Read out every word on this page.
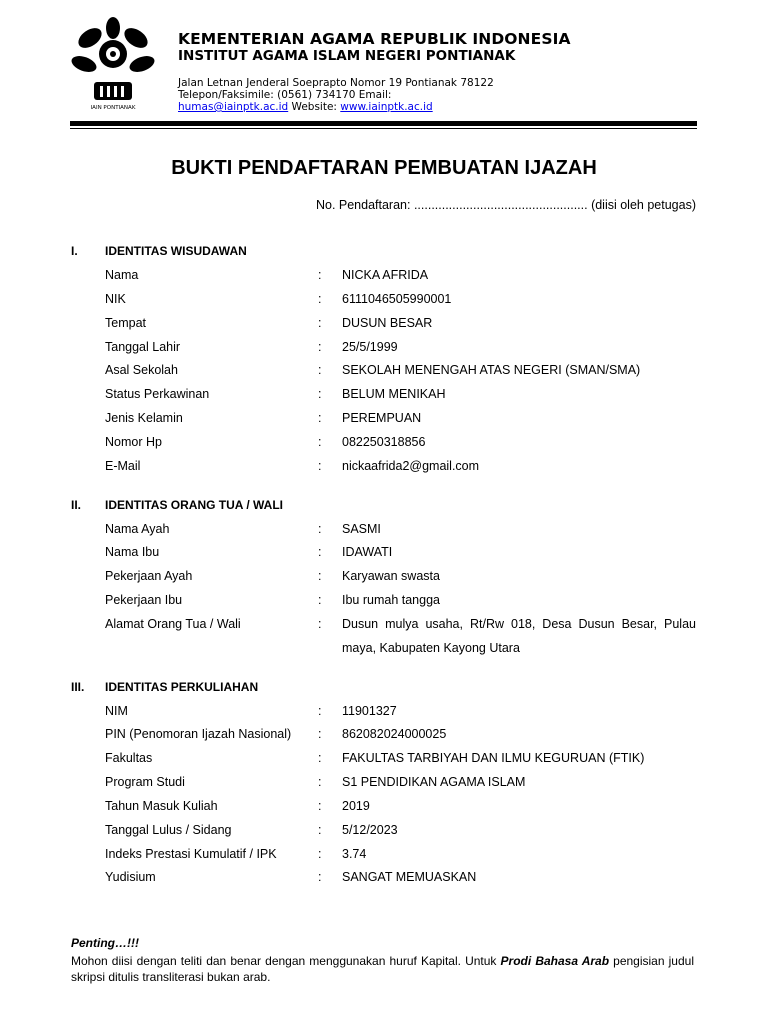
IAIN PONTIANAK
KEMENTERIAN AGAMA REPUBLIK INDONESIA
INSTITUT AGAMA ISLAM NEGERI PONTIANAK
Jalan Letnan Jenderal Soeprapto Nomor 19 Pontianak 78122
Telepon/Faksimile: (0561) 734170 Email:
humas@iainptk.ac.id Website: www.iainptk.ac.id
BUKTI PENDAFTARAN PEMBUATAN IJAZAH
No. Pendaftaran: .................................................. (diisi oleh petugas)
I. IDENTITAS WISUDAWAN
Nama	: NICKA AFRIDA
NIK	: 6111046505990001
Tempat	: DUSUN BESAR
Tanggal Lahir	: 25/5/1999
Asal Sekolah	: SEKOLAH MENENGAH ATAS NEGERI (SMAN/SMA)
Status Perkawinan	: BELUM MENIKAH
Jenis Kelamin	: PEREMPUAN
Nomor Hp	: 082250318856
E-Mail	: nickaafrida2@gmail.com
II. IDENTITAS ORANG TUA / WALI
Nama Ayah	: SASMI
Nama Ibu	: IDAWATI
Pekerjaan Ayah	: Karyawan swasta
Pekerjaan Ibu	: Ibu rumah tangga
Alamat Orang Tua / Wali	: Dusun mulya usaha, Rt/Rw 018, Desa Dusun Besar, Pulau maya, Kabupaten Kayong Utara
III. IDENTITAS PERKULIAHAN
NIM	: 11901327
PIN (Penomoran Ijazah Nasional) : 862082024000025
Fakultas	: FAKULTAS TARBIYAH DAN ILMU KEGURUAN (FTIK)
Program Studi	: S1 PENDIDIKAN AGAMA ISLAM
Tahun Masuk Kuliah	: 2019
Tanggal Lulus / Sidang	: 5/12/2023
Indeks Prestasi Kumulatif / IPK	: 3.74
Yudisium	: SANGAT MEMUASKAN
Penting…!!!
Mohon diisi dengan teliti dan benar dengan menggunakan huruf Kapital. Untuk Prodi Bahasa Arab pengisian judul skripsi ditulis transliterasi bukan arab.
